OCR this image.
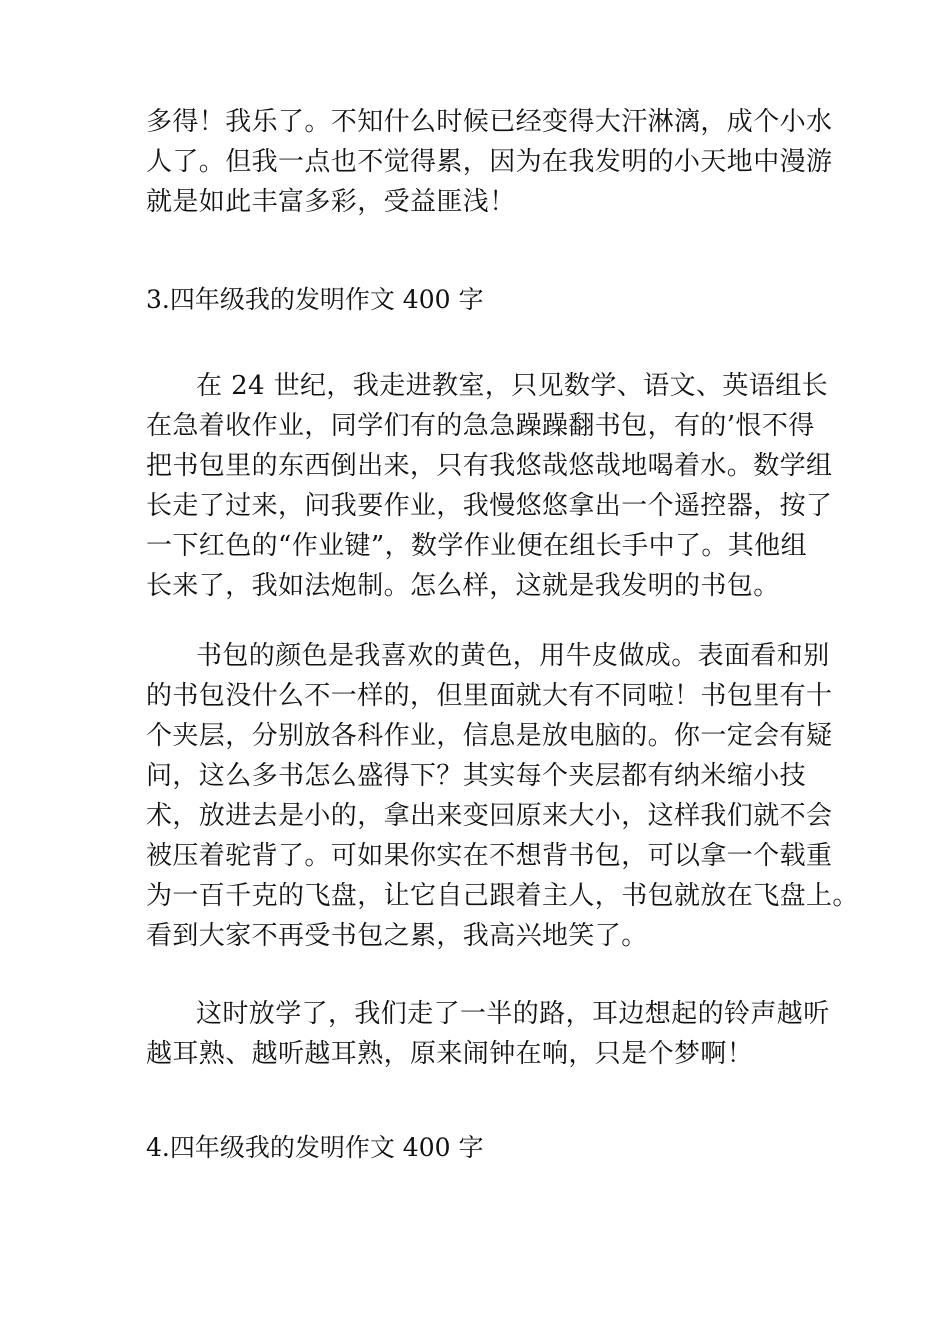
多得！我乐了。不知什么时候已经变得大汗淋漓，成个小水
人了。但我一点也不觉得累，因为在我发明的小天地中漫游
就是如此丰富多彩，受益匪浅！
3.四年级我的发明作文 400 字
在 24 世纪，我走进教室，只见数学、语文、英语组长
在急着收作业，同学们有的急急躁躁翻书包，有的’恨不得
把书包里的东西倒出来，只有我悠哉悠哉地喝着水。数学组
长走了过来，问我要作业，我慢悠悠拿出一个遥控器，按了
一下红色的“作业键”，数学作业便在组长手中了。其他组
长来了，我如法炮制。怎么样，这就是我发明的书包。
书包的颜色是我喜欢的黄色，用牛皮做成。表面看和别
的书包没什么不一样的，但里面就大有不同啦！书包里有十
个夹层，分别放各科作业，信息是放电脑的。你一定会有疑
问，这么多书怎么盛得下？其实每个夹层都有纳米缩小技
术，放进去是小的，拿出来变回原来大小，这样我们就不会
被压着驼背了。可如果你实在不想背书包，可以拿一个载重
为一百千克的飞盘，让它自己跟着主人，书包就放在飞盘上。
看到大家不再受书包之累，我高兴地笑了。
这时放学了，我们走了一半的路，耳边想起的铃声越听
越耳熟、越听越耳熟，原来闹钟在响，只是个梦啊！
4.四年级我的发明作文 400 字
